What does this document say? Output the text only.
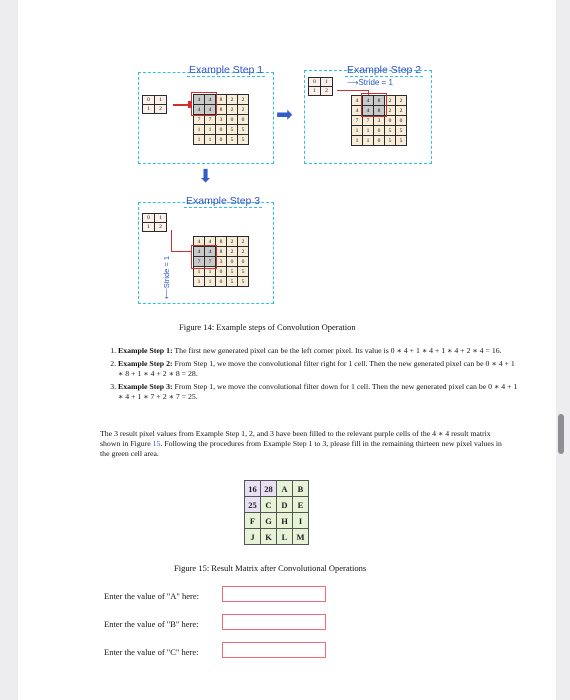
Example Step 1
0	1
1	2
4	4	8	2	2
4	4	8	2	2
7	7	3	0	0
1	1	0	5	5
1	1	0	5	5
➡
Example Step 2
0	1
1	2
⟶Stride = 1
4	4	8	2	2
4	4	8	2	2
7	7	3	0	0
1	1	0	5	5
1	1	0	5	5
⬇
Example Step 3
0	1
1	2
⟵Stride = 1
4	4	8	2	2
4	4	8	2	2
7	7	3	0	0
1	1	0	5	5
1	1	0	5	5
Figure 14: Example steps of Convolution Operation
1. Example Step 1: The first new generated pixel can be the left corner pixel. Its value is 0 ∗ 4 + 1 ∗ 4 + 1 ∗ 4 + 2 ∗ 4 = 16.
2. Example Step 2: From Step 1, we move the convolutional filter right for 1 cell. Then the new generated pixel can be 0 ∗ 4 + 1 ∗ 8 + 1 ∗ 4 + 2 ∗ 8 = 28.
3. Example Step 3: From Step 1, we move the convolutional filter down for 1 cell. Then the new generated pixel can be 0 ∗ 4 + 1 ∗ 4 + 1 ∗ 7 + 2 ∗ 7 = 25.
The 3 result pixel values from Example Step 1, 2, and 3 have been filled to the relevant purple cells of the 4 ∗ 4 result matrix shown in Figure 15. Following the procedures from Example Step 1 to 3, please fill in the remaining thirteen new pixel values in the green cell area.
16	28	A	B
25	C	D	E
F	G	H	I
J	K	L	M
Figure 15: Result Matrix after Convolutional Operations
Enter the value of "A" here:
Enter the value of "B" here:
Enter the value of "C" here:
